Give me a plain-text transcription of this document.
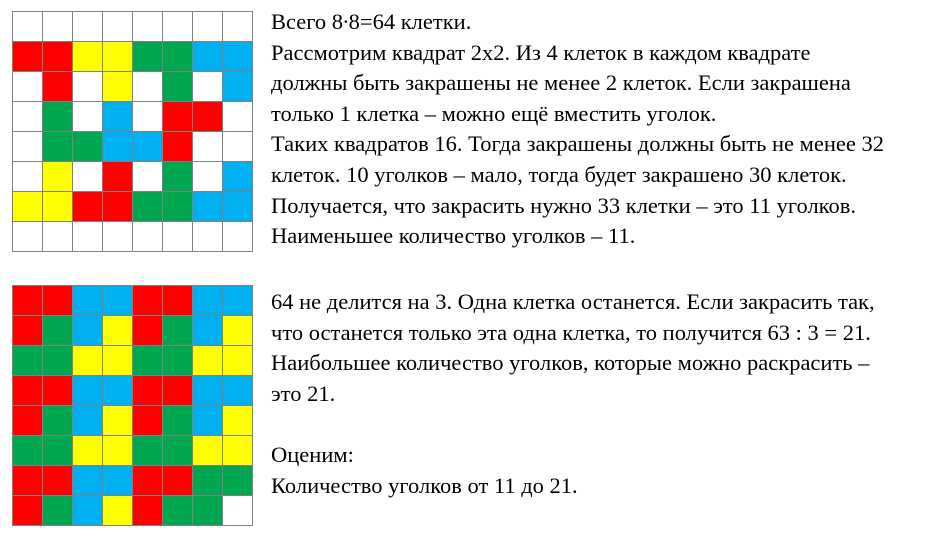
Всего 8∙8=64 клетки.
Рассмотрим квадрат 2х2. Из 4 клеток в каждом квадрате
должны быть закрашены не менее 2 клеток. Если закрашена
только 1 клетка – можно ещё вместить уголок.
Таких квадратов 16. Тогда закрашены должны быть не менее 32
клеток. 10 уголков – мало, тогда будет закрашено 30 клеток.
Получается, что закрасить нужно 33 клетки – это 11 уголков.
Наименьшее количество уголков – 11.
64 не делится на 3. Одна клетка останется. Если закрасить так,
что останется только эта одна клетка, то получится 63 : 3 = 21.
Наибольшее количество уголков, которые можно раскрасить –
это 21.
Оценим:
Количество уголков от 11 до 21.
